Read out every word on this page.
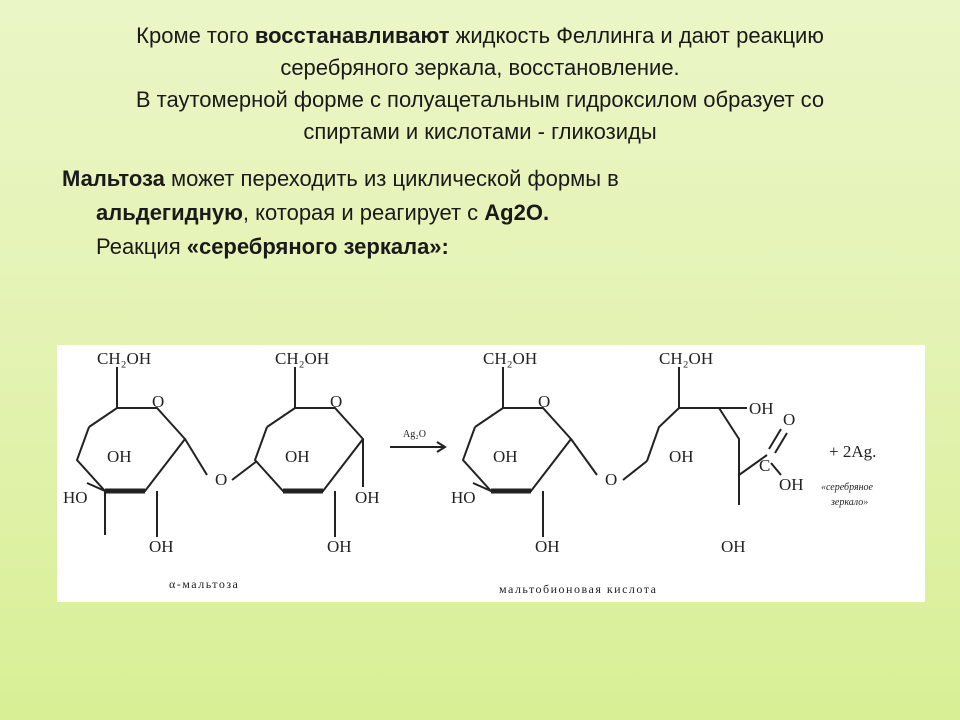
Кроме того восстанавливают жидкость Феллинга и дают реакцию

серебряного зеркала, восстановление.

В таутомерной форме с полуацетальным гидроксилом образует со

спиртами и кислотами - гликозиды

Мальтоза может переходить из циклической формы в

альдегидную, которая и реагирует с Ag2O.

Реакция «серебряного зеркала»:

CH₂OH	CH₂OH	CH₂OH	CH₂OH
O	O	O
OH	OH	OH	OH
HO	HO
O	O
OH	OH	OH	OH
OH
OH
C
O
OH
Ag₂O
+ 2Ag.
«серебряное
зеркало»
α-мальтоза	мальтобионовая кислота
